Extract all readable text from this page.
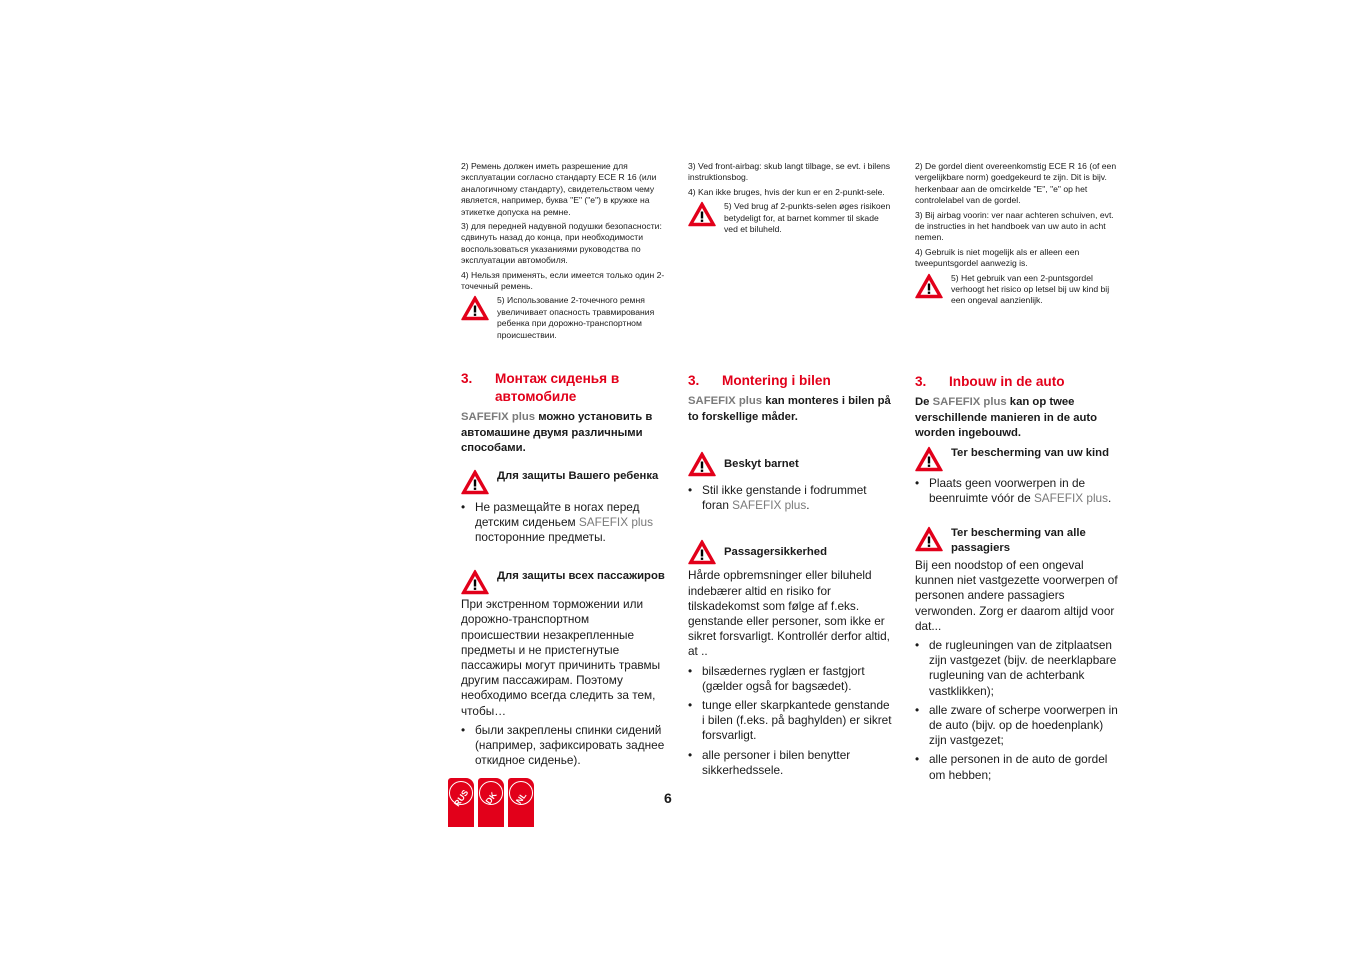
2) Ремень должен иметь разрешение для эксплуатации согласно стандарту ECE R 16 (или аналогичному стандарту), свидетельством чему является, например, буква "E" ("e") в кружке на этикетке допуска на ремне.

3) для передней надувной подушки безопасности: сдвинуть назад до конца, при необходимости воспользоваться указаниями руководства по эксплуатации автомобиля.

4) Нельзя применять, если имеется только один 2-точечный ремень.

5) Использование 2-точечного ремня увеличивает опасность травмирования ребенка при дорожно-транспортном происшествии.

3.	Монтаж сиденья в автомобиле

SAFEFIX plus можно установить в автомашине двумя различными способами.

Для защиты Вашего ребенка
• Не размещайте в ногах перед детским сиденьем SAFEFIX plus посторонние предметы.
Для защиты всех пассажиров

При экстренном торможении или дорожно-транспортном происшествии незакрепленные предметы и не пристегнутые пассажиры могут причинить травмы другим пассажирам. Поэтому необходимо всегда следить за тем, чтобы…

• были закреплены спинки сидений (например, зафиксировать заднее откидное сиденье).

3) Ved front-airbag: skub langt tilbage, se evt. i bilens instruktionsbog.

4) Kan ikke bruges, hvis der kun er en 2-punkt-sele.

5) Ved brug af 2-punkts-selen øges risikoen betydeligt for, at barnet kommer til skade ved et biluheld.

3.	Montering i bilen

SAFEFIX plus kan monteres i bilen på to forskellige måder.

Beskyt barnet
• Stil ikke genstande i fodrummet foran SAFEFIX plus.
Passagersikkerhed

Hårde opbremsninger eller biluheld indebærer altid en risiko for tilskadekomst som følge af f.eks. genstande eller personer, som ikke er sikret forsvarligt. Kontrollér derfor altid, at ..

• bilsædernes ryglæn er fastgjort (gælder også for bagsædet).
• tunge eller skarpkantede genstande i bilen (f.eks. på baghylden) er sikret forsvarligt.
• alle personer i bilen benytter sikkerhedssele.

2) De gordel dient overeenkomstig ECE R 16 (of een vergelijkbare norm) goedgekeurd te zijn. Dit is bijv. herkenbaar aan de omcirkelde "E", "e" op het controlelabel van de gordel.

3) Bij airbag voorin: ver naar achteren schuiven, evt. de instructies in het handboek van uw auto in acht nemen.

4) Gebruik is niet mogelijk als er alleen een tweepuntsgordel aanwezig is.

5) Het gebruik van een 2-puntsgordel verhoogt het risico op letsel bij uw kind bij een ongeval aanzienlijk.

3.	Inbouw in de auto

De SAFEFIX plus kan op twee verschillende manieren in de auto worden ingebouwd.

Ter bescherming van uw kind
• Plaats geen voorwerpen in de beenruimte vóór de SAFEFIX plus.
Ter bescherming van alle passagiers

Bij een noodstop of een ongeval kunnen niet vastgezette voorwerpen of personen andere passagiers verwonden. Zorg er daarom altijd voor dat...

• de rugleuningen van de zitplaatsen zijn vastgezet (bijv. de neerklapbare rugleuning van de achterbank vastklikken);
• alle zware of scherpe voorwerpen in de auto (bijv. op de hoedenplank) zijn vastgezet;
• alle personen in de auto de gordel om hebben;
RUS	DK	NL	6
